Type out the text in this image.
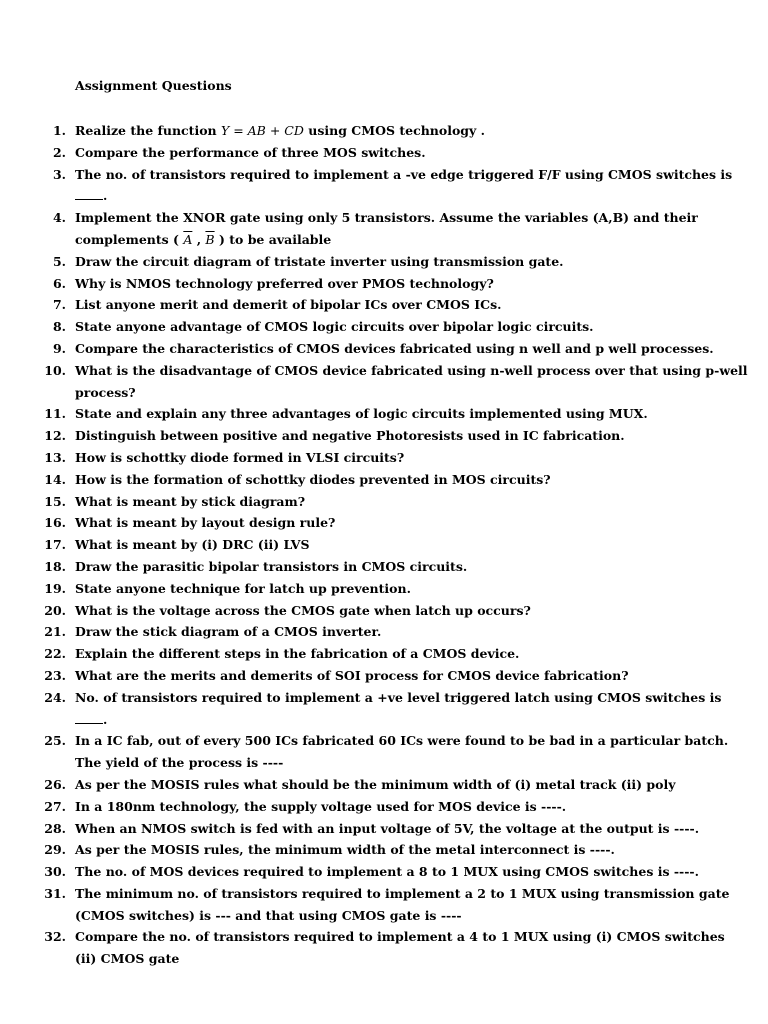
Assignment Questions
1. Realize the function Y = AB + CD using CMOS technology .
2. Compare the performance of three MOS switches.
3. The no. of transistors required to implement a -ve edge triggered F/F using CMOS switches is .
4. Implement the XNOR gate using only 5 transistors. Assume the variables (A,B) and their complements ( $\overline{A}$ , $\overline{B}$ ) to be available
5. Draw the circuit diagram of tristate inverter using transmission gate.
6. Why is NMOS technology preferred over PMOS technology?
7. List anyone merit and demerit of bipolar ICs over CMOS ICs.
8. State anyone advantage of CMOS logic circuits over bipolar logic circuits.
9. Compare the characteristics of CMOS devices fabricated using n well and p well processes.
10. What is the disadvantage of CMOS device fabricated using n-well process over that using p-well process?
11. State and explain any three advantages of logic circuits implemented using MUX.
12. Distinguish between positive and negative Photoresists used in IC fabrication.
13. How is schottky diode formed in VLSI circuits?
14. How is the formation of schottky diodes prevented in MOS circuits?
15. What is meant by stick diagram?
16. What is meant by layout design rule?
17. What is meant by (i) DRC (ii) LVS
18. Draw the parasitic bipolar transistors in CMOS circuits.
19. State anyone technique for latch up prevention.
20. What is the voltage across the CMOS gate when latch up occurs?
21. Draw the stick diagram of a CMOS inverter.
22. Explain the different steps in the fabrication of a CMOS device.
23. What are the merits and demerits of SOI process for CMOS device fabrication?
24. No. of transistors required to implement a +ve level triggered latch using CMOS switches is .
25. In a IC fab, out of every 500 ICs fabricated 60 ICs were found to be bad in a particular batch. The yield of the process is ----
26. As per the MOSIS rules what should be the minimum width of (i) metal track (ii) poly
27. In a 180nm technology, the supply voltage used for MOS device is ----.
28. When an NMOS switch is fed with an input voltage of 5V, the voltage at the output is ----.
29. As per the MOSIS rules, the minimum width of the metal interconnect is ----.
30. The no. of MOS devices required to implement a 8 to 1 MUX using CMOS switches is ----.
31. The minimum no. of transistors required to implement a 2 to 1 MUX using transmission gate (CMOS switches) is --- and that using CMOS gate is ----
32. Compare the no. of transistors required to implement a 4 to 1 MUX using (i) CMOS switches (ii) CMOS gate
